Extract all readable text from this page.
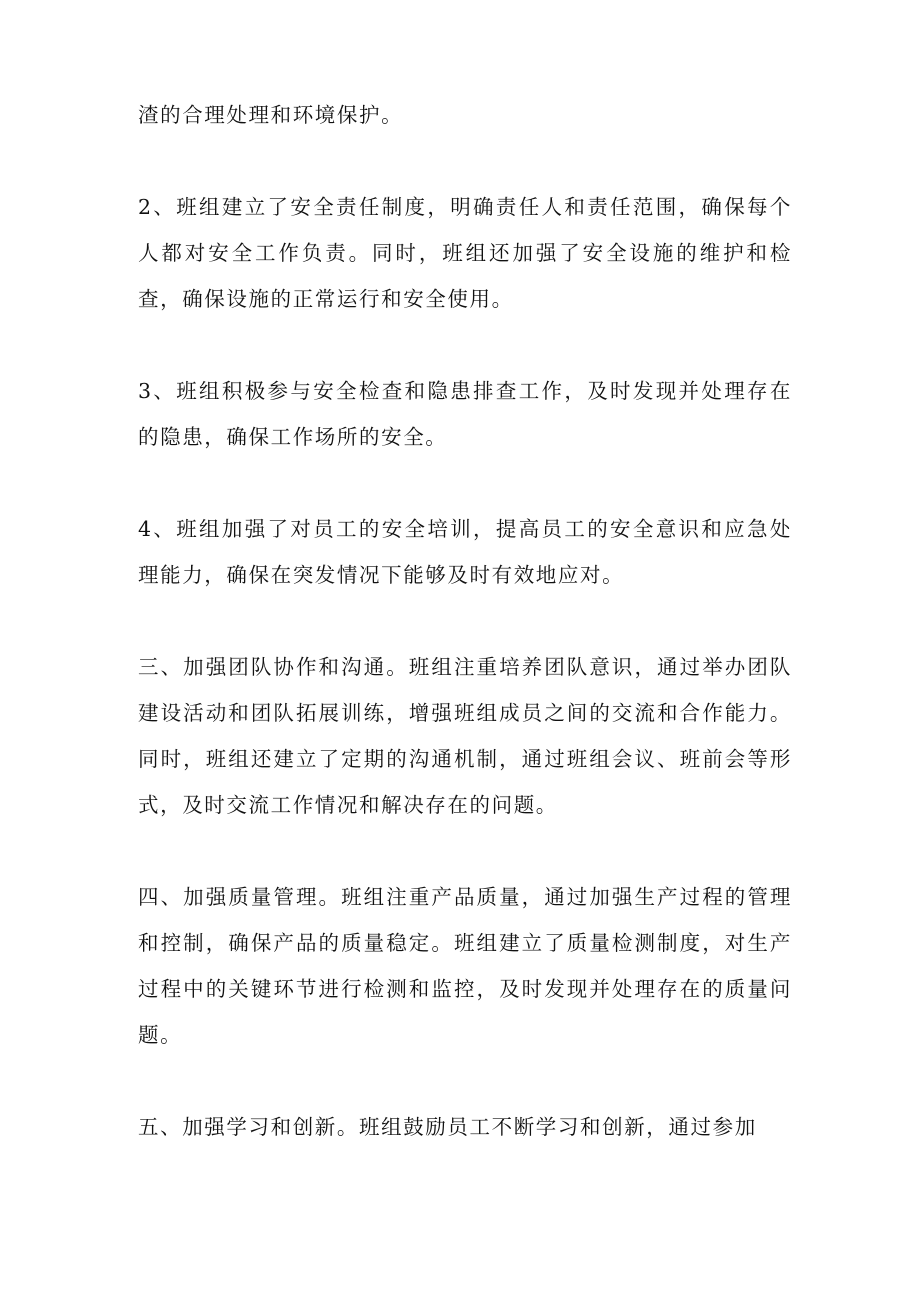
渣的合理处理和环境保护。

2、班组建立了安全责任制度，明确责任人和责任范围，确保每个人都对安全工作负责。同时，班组还加强了安全设施的维护和检查，确保设施的正常运行和安全使用。

3、班组积极参与安全检查和隐患排查工作，及时发现并处理存在的隐患，确保工作场所的安全。

4、班组加强了对员工的安全培训，提高员工的安全意识和应急处理能力，确保在突发情况下能够及时有效地应对。

三、加强团队协作和沟通。班组注重培养团队意识，通过举办团队建设活动和团队拓展训练，增强班组成员之间的交流和合作能力。同时，班组还建立了定期的沟通机制，通过班组会议、班前会等形式，及时交流工作情况和解决存在的问题。

四、加强质量管理。班组注重产品质量，通过加强生产过程的管理和控制，确保产品的质量稳定。班组建立了质量检测制度，对生产过程中的关键环节进行检测和监控，及时发现并处理存在的质量问题。

五、加强学习和创新。班组鼓励员工不断学习和创新，通过参加
